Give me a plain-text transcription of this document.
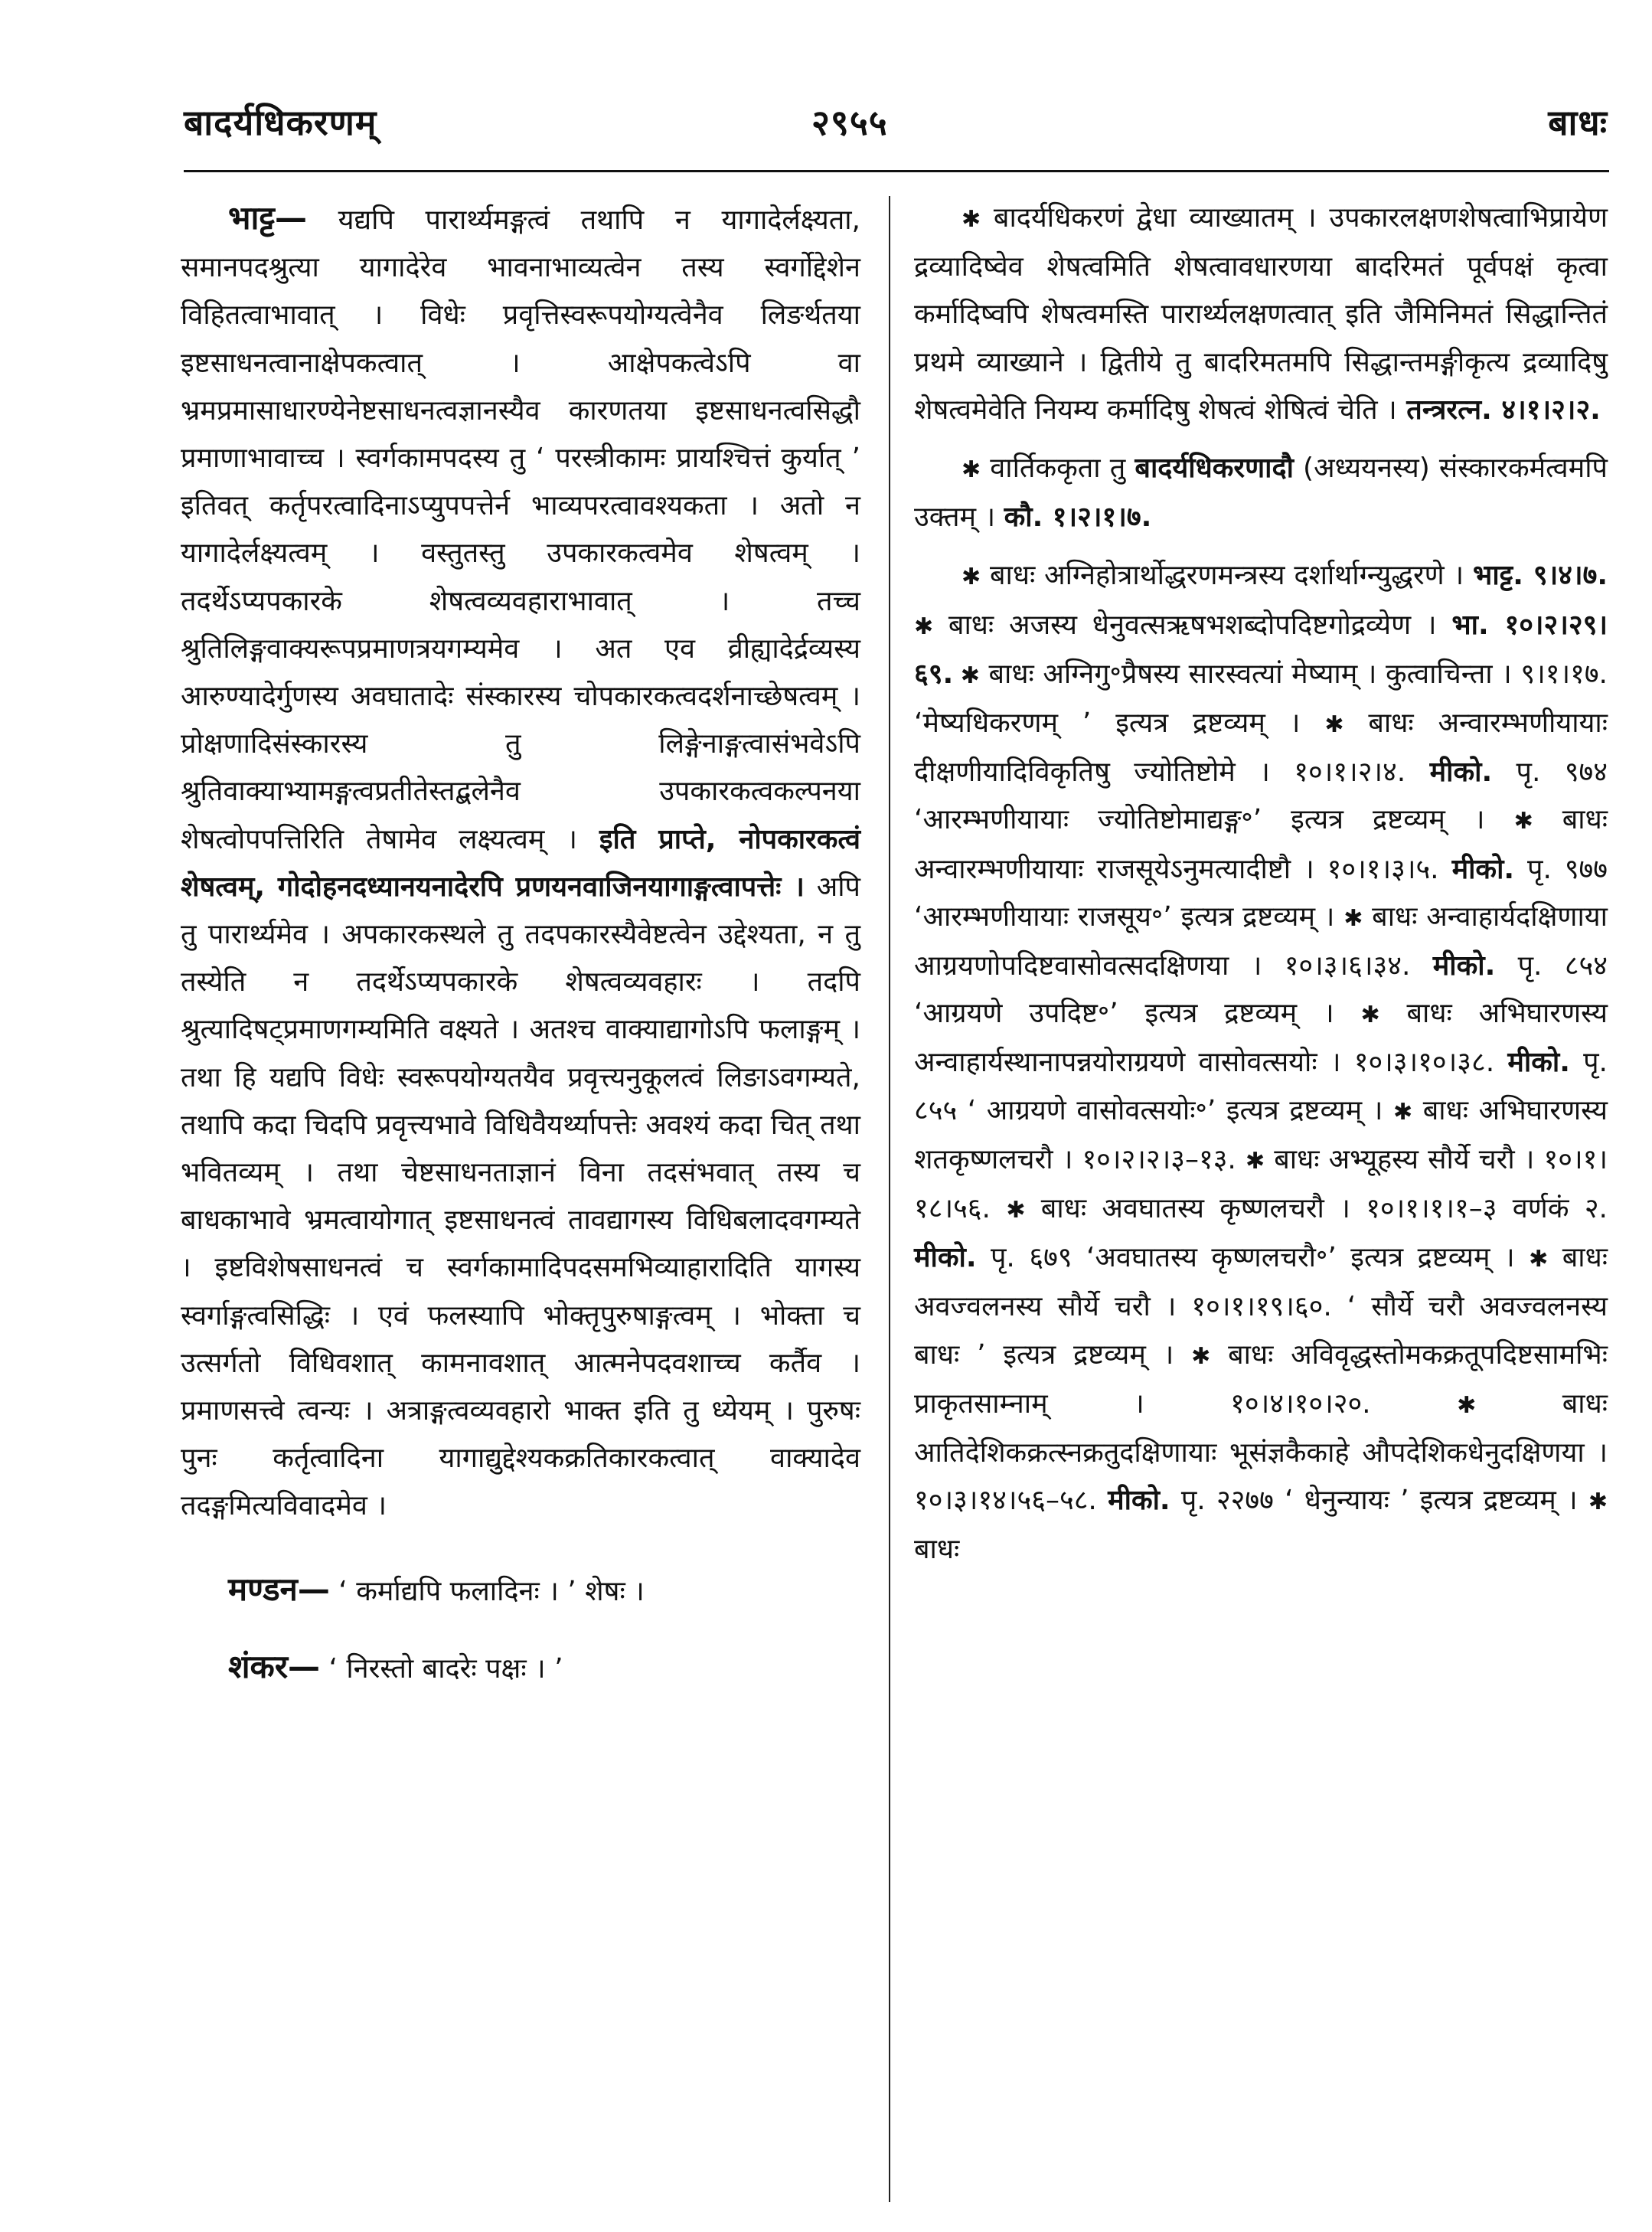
बादर्यधिकरणम्	२९५५	बाधः

भाट्ट— यद्यपि पारार्थ्यमङ्गत्वं तथापि न यागादेर्लक्ष्यता, समानपदश्रुत्या यागादेरेव भावनाभाव्यत्वेन तस्य स्वर्गोद्देशेन विहितत्वाभावात् । विधेः प्रवृत्तिस्वरूपयोग्यत्वेनैव लिङर्थतया इष्टसाधनत्वानाक्षेपकत्वात् । आक्षेपकत्वेऽपि वा भ्रमप्रमासाधारण्येनेष्टसाधनत्वज्ञानस्यैव कारणतया इष्टसाधनत्वसिद्धौ प्रमाणाभावाच्च । स्वर्गकामपदस्य तु ‘ परस्त्रीकामः प्रायश्चित्तं कुर्यात् ’ इतिवत् कर्तृपरत्वादिनाऽप्युपपत्तेर्न भाव्यपरत्वावश्यकता । अतो न यागादेर्लक्ष्यत्वम् । वस्तुतस्तु उपकारकत्वमेव शेषत्वम् । तदर्थेऽप्यपकारके शेषत्वव्यवहाराभावात् । तच्च श्रुतिलिङ्गवाक्यरूपप्रमाणत्रयगम्यमेव । अत एव व्रीह्यादेर्द्रव्यस्य आरुण्यादेर्गुणस्य अवघातादेः संस्कारस्य चोपकारकत्वदर्शनाच्छेषत्वम् । प्रोक्षणादिसंस्कारस्य तु लिङ्गेनाङ्गत्वासंभवेऽपि श्रुतिवाक्याभ्यामङ्गत्वप्रतीतेस्तद्बलेनैव उपकारकत्वकल्पनया शेषत्वोपपत्तिरिति तेषामेव लक्ष्यत्वम् । इति प्राप्ते, नोपकारकत्वं शेषत्वम्, गोदोहनदध्यानयनादेरपि प्रणयनवाजिनयागाङ्गत्वापत्तेः । अपि तु पारार्थ्यमेव । अपकारकस्थले तु तदपकारस्यैवेष्टत्वेन उद्देश्यता, न तु तस्येति न तदर्थेऽप्यपकारके शेषत्वव्यवहारः । तदपि श्रुत्यादिषट्प्रमाणगम्यमिति वक्ष्यते । अतश्च वाक्याद्यागोऽपि फलाङ्गम् । तथा हि यद्यपि विधेः स्वरूपयोग्यतयैव प्रवृत्त्यनुकूलत्वं लिङाऽवगम्यते, तथापि कदा चिदपि प्रवृत्त्यभावे विधिवैयर्थ्यापत्तेः अवश्यं कदा चित् तथा भवितव्यम् । तथा चेष्टसाधनताज्ञानं विना तदसंभवात् तस्य च बाधकाभावे भ्रमत्वायोगात् इष्टसाधनत्वं तावद्यागस्य विधिबलादवगम्यते । इष्टविशेषसाधनत्वं च स्वर्गकामादिपदसमभिव्याहारादिति यागस्य स्वर्गाङ्गत्वसिद्धिः । एवं फलस्यापि भोक्तृपुरुषाङ्गत्वम् । भोक्ता च उत्सर्गतो विधिवशात् कामनावशात् आत्मनेपदवशाच्च कर्तैव । प्रमाणसत्त्वे त्वन्यः । अत्राङ्गत्वव्यवहारो भाक्त इति तु ध्येयम् । पुरुषः पुनः कर्तृत्वादिना यागाद्युद्देश्यकक्रतिकारकत्वात् वाक्यादेव तदङ्गमित्यविवादमेव ।

मण्डन— ‘ कर्माद्यपि फलादिनः । ’ शेषः ।

शंकर— ‘ निरस्तो बादरेः पक्षः । ’

✱ बादर्यधिकरणं द्वेधा व्याख्यातम् । उपकारलक्षणशेषत्वाभिप्रायेण द्रव्यादिष्वेव शेषत्वमिति शेषत्वावधारणया बादरिमतं पूर्वपक्षं कृत्वा कर्मादिष्वपि शेषत्वमस्ति पारार्थ्यलक्षणत्वात् इति जैमिनिमतं सिद्धान्तितं प्रथमे व्याख्याने । द्वितीये तु बादरिमतमपि सिद्धान्तमङ्गीकृत्य द्रव्यादिषु शेषत्वमेवेति नियम्य कर्मादिषु शेषत्वं शेषित्वं चेति । तन्त्ररत्न. ४।१।२।२.

✱ वार्तिककृता तु बादर्यधिकरणादौ (अध्ययनस्य) संस्कारकर्मत्वमपि उक्तम् । कौ. १।२।१।७.

✱ बाधः अग्निहोत्रार्थोद्धरणमन्त्रस्य दर्शार्थाग्न्युद्धरणे । भाट्ट. ९।४।७. ✱ बाधः अजस्य धेनुवत्सऋषभशब्दोपदिष्टगोद्रव्येण । भा. १०।२।२९।६९. ✱ बाधः अग्निगु॰प्रैषस्य सारस्वत्यां मेष्याम् । कुत्वाचिन्ता । ९।१।१७. ‘मेष्यधिकरणम् ’ इत्यत्र द्रष्टव्यम् । ✱ बाधः अन्वारम्भणीयायाः दीक्षणीयादिविकृतिषु ज्योतिष्टोमे । १०।१।२।४. मीको. पृ. ९७४ ‘आरम्भणीयायाः ज्योतिष्टोमाद्यङ्ग॰’ इत्यत्र द्रष्टव्यम् । ✱ बाधः अन्वारम्भणीयायाः राजसूयेऽनुमत्यादीष्टौ । १०।१।३।५. मीको. पृ. ९७७ ‘आरम्भणीयायाः राजसूय॰’ इत्यत्र द्रष्टव्यम् । ✱ बाधः अन्वाहार्यदक्षिणाया आग्रयणोपदिष्टवासोवत्सदक्षिणया । १०।३।६।३४. मीको. पृ. ८५४ ‘आग्रयणे उपदिष्ट॰’ इत्यत्र द्रष्टव्यम् । ✱ बाधः अभिघारणस्य अन्वाहार्यस्थानापन्नयोराग्रयणे वासोवत्सयोः । १०।३।१०।३८. मीको. पृ. ८५५ ‘ आग्रयणे वासोवत्सयोः॰’ इत्यत्र द्रष्टव्यम् । ✱ बाधः अभिघारणस्य शतकृष्णलचरौ । १०।२।२।३–१३. ✱ बाधः अभ्यूहस्य सौर्ये चरौ । १०।१।१८।५६. ✱ बाधः अवघातस्य कृष्णलचरौ । १०।१।१।१–३ वर्णकं २. मीको. पृ. ६७९ ‘अवघातस्य कृष्णलचरौ॰’ इत्यत्र द्रष्टव्यम् । ✱ बाधः अवज्वलनस्य सौर्ये चरौ । १०।१।१९।६०. ‘ सौर्ये चरौ अवज्वलनस्य बाधः ’ इत्यत्र द्रष्टव्यम् । ✱ बाधः अविवृद्धस्तोमकक्रतूपदिष्टसामभिः प्राकृतसाम्नाम् । १०।४।१०।२०. ✱ बाधः आतिदेशिकक्रत्स्नक्रतुदक्षिणायाः भूसंज्ञकैकाहे औपदेशिकधेनुदक्षिणया । १०।३।१४।५६–५८. मीको. पृ. २२७७ ‘ धेनुन्यायः ’ इत्यत्र द्रष्टव्यम् । ✱ बाधः
